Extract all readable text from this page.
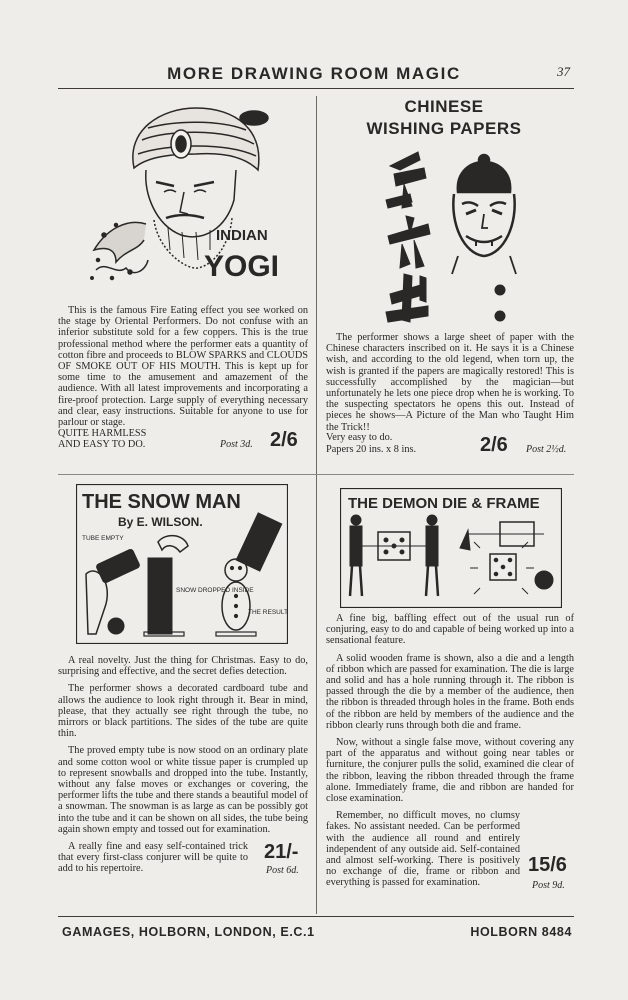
MORE DRAWING ROOM MAGIC	37
INDIAN
YOGI

This is the famous Fire Eating effect you see worked on the stage by Oriental Performers. Do not confuse with an inferior substitute sold for a few coppers. This is the true professional method where the performer eats a quantity of cotton fibre and proceeds to BLOW SPARKS and CLOUDS OF SMOKE OUT OF HIS MOUTH. This is kept up for some time to the amusement and amazement of the audience. With all latest improvements and incorporating a fire-proof protection. Large supply of everything necessary and clear, easy instructions. Suitable for anyone to use for parlour or stage.

QUITE HARMLESS
AND EASY TO DO.	Post 3d. 2/6
CHINESE
WISHING PAPERS

The performer shows a large sheet of paper with the Chinese characters inscribed on it. He says it is a Chinese wish, and according to the old legend, when torn up, the wish is granted if the papers are magically restored! This is successfully accomplished by the magician—but unfortunately he lets one piece drop when he is working. To the suspecting spectators he opens this out. Instead of pieces he shows—A Picture of the Man who Taught Him the Trick!!

Very easy to do.
Papers 20 ins. x 8 ins.	2/6 Post 2½d.
THE SNOW MAN
By E. WILSON.
TUBE EMPTY
SNOW DROPPED INSIDE
THE RESULT

A real novelty. Just the thing for Christmas. Easy to do, surprising and effective, and the secret defies detection.

The performer shows a decorated cardboard tube and allows the audience to look right through it. Bear in mind, please, that they actually see right through the tube, no mirrors or black partitions. The sides of the tube are quite thin.

The proved empty tube is now stood on an ordinary plate and some cotton wool or white tissue paper is crumpled up to represent snowballs and dropped into the tube. Instantly, without any false moves or exchanges or covering, the performer lifts the tube and there stands a beautiful model of a snowman. The snowman is as large as can be possibly got into the tube and it can be shown on all sides, the tube being again shown empty and tossed out for examination.

A really fine and easy self-contained trick that every first-class conjurer will be quite to add to his repertoire.

21/-
Post 6d.
THE DEMON DIE & FRAME

A fine big, baffling effect out of the usual run of conjuring, easy to do and capable of being worked up into a sensational feature.

A solid wooden frame is shown, also a die and a length of ribbon which are passed for examination. The die is large and solid and has a hole running through it. The ribbon is passed through the die by a member of the audience, then the ribbon is threaded through holes in the frame. Both ends of the ribbon are held by members of the audience and the ribbon clearly runs through both die and frame.

Now, without a single false move, without covering any part of the apparatus and without going near tables or furniture, the conjurer pulls the solid, examined die clear of the ribbon, leaving the ribbon threaded through the frame alone. Immediately frame, die and ribbon are handed for close examination.

Remember, no difficult moves, no clumsy fakes. No assistant needed. Can be performed with the audience all round and entirely independent of any outside aid. Self-contained and almost self-working. There is positively no exchange of die, frame or ribbon and everything is passed for examination.

15/6
Post 9d.
GAMAGES, HOLBORN, LONDON, E.C.1	HOLBORN 8484
